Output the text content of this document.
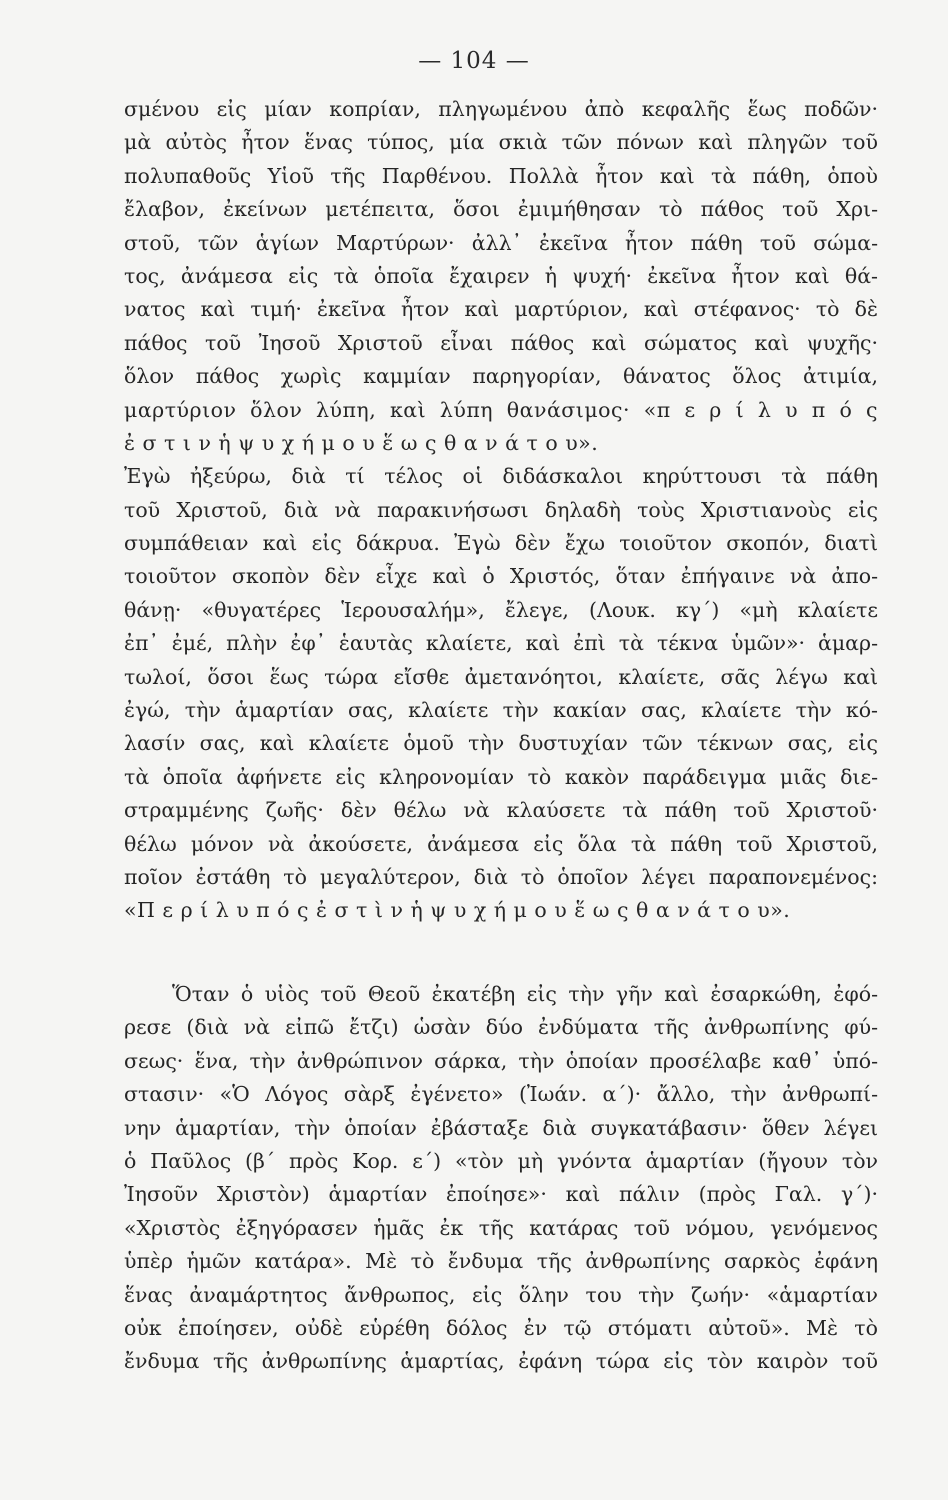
— 104 —
σμένου εἰς μίαν κοπρίαν, πληγωμένου ἀπὸ κεφαλῆς ἕως ποδῶν·
μὰ αὐτὸς ἦτον ἕνας τύπος, μία σκιὰ τῶν πόνων καὶ πληγῶν τοῦ
πολυπαθοῦς Υἱοῦ τῆς Παρθένου. Πολλὰ ἦτον καὶ τὰ πάθη, ὁποὺ
ἔλαβον, ἐκείνων μετέπειτα, ὅσοι ἐμιμήθησαν τὸ πάθος τοῦ Χρι-
στοῦ, τῶν ἁγίων Μαρτύρων· ἀλλ᾽ ἐκεῖνα ἦτον πάθη τοῦ σώμα-
τος, ἀνάμεσα εἰς τὰ ὁποῖα ἔχαιρεν ἡ ψυχή· ἐκεῖνα ἦτον καὶ θά-
νατος καὶ τιμή· ἐκεῖνα ἦτον καὶ μαρτύριον, καὶ στέφανος· τὸ δὲ
πάθος τοῦ Ἰησοῦ Χριστοῦ εἶναι πάθος καὶ σώματος καὶ ψυχῆς·
ὅλον πάθος χωρὶς καμμίαν παρηγορίαν, θάνατος ὅλος ἀτιμία,
μαρτύριον ὅλον λύπη, καὶ λύπη θανάσιμος· «π ε ρ ί λ υ π ό ς
ἐ σ τ ι ν ἡ ψ υ χ ή μ ο υ ἕ ω ς θ α ν ά τ ο υ».
Ἐγὼ ἠξεύρω, διὰ τί τέλος οἱ διδάσκαλοι κηρύττουσι τὰ πάθη
τοῦ Χριστοῦ, διὰ νὰ παρακινήσωσι δηλαδὴ τοὺς Χριστιανοὺς εἰς
συμπάθειαν καὶ εἰς δάκρυα. Ἐγὼ δὲν ἔχω τοιοῦτον σκοπόν, διατὶ
τοιοῦτον σκοπὸν δὲν εἶχε καὶ ὁ Χριστός, ὅταν ἐπήγαινε νὰ ἀπο-
θάνῃ· «θυγατέρες Ἱερουσαλήμ», ἔλεγε, (Λουκ. κγ´) «μὴ κλαίετε
ἐπ᾽ ἐμέ, πλὴν ἐφ᾽ ἑαυτὰς κλαίετε, καὶ ἐπὶ τὰ τέκνα ὑμῶν»· ἁμαρ-
τωλοί, ὅσοι ἕως τώρα εἴσθε ἀμετανόητοι, κλαίετε, σᾶς λέγω καὶ
ἐγώ, τὴν ἁμαρτίαν σας, κλαίετε τὴν κακίαν σας, κλαίετε τὴν κό-
λασίν σας, καὶ κλαίετε ὁμοῦ τὴν δυστυχίαν τῶν τέκνων σας, εἰς
τὰ ὁποῖα ἀφήνετε εἰς κληρονομίαν τὸ κακὸν παράδειγμα μιᾶς διε-
στραμμένης ζωῆς· δὲν θέλω νὰ κλαύσετε τὰ πάθη τοῦ Χριστοῦ·
θέλω μόνον νὰ ἀκούσετε, ἀνάμεσα εἰς ὅλα τὰ πάθη τοῦ Χριστοῦ,
ποῖον ἐστάθη τὸ μεγαλύτερον, διὰ τὸ ὁποῖον λέγει παραπονεμένος:
«Π ε ρ ί λ υ π ό ς ἐ σ τ ὶ ν ἡ ψ υ χ ή μ ο υ ἕ ω ς θ α ν ά τ ο υ».
Ὅταν ὁ υἱὸς τοῦ Θεοῦ ἐκατέβη εἰς τὴν γῆν καὶ ἐσαρκώθη, ἐφό-
ρεσε (διὰ νὰ εἰπῶ ἔτζι) ὡσὰν δύο ἐνδύματα τῆς ἀνθρωπίνης φύ-
σεως· ἕνα, τὴν ἀνθρώπινον σάρκα, τὴν ὁποίαν προσέλαβε καθ᾽ ὑπό-
στασιν· «Ὁ Λόγος σὰρξ ἐγένετο» (Ἰωάν. α´)· ἄλλο, τὴν ἀνθρωπί-
νην ἁμαρτίαν, τὴν ὁποίαν ἐβάσταξε διὰ συγκατάβασιν· ὅθεν λέγει
ὁ Παῦλος (β´ πρὸς Κορ. ε´) «τὸν μὴ γνόντα ἁμαρτίαν (ἤγουν τὸν
Ἰησοῦν Χριστὸν) ἁμαρτίαν ἐποίησε»· καὶ πάλιν (πρὸς Γαλ. γ´)·
«Χριστὸς ἐξηγόρασεν ἡμᾶς ἐκ τῆς κατάρας τοῦ νόμου, γενόμενος
ὑπὲρ ἡμῶν κατάρα». Μὲ τὸ ἔνδυμα τῆς ἀνθρωπίνης σαρκὸς ἐφάνη
ἕνας ἀναμάρτητος ἄνθρωπος, εἰς ὅλην του τὴν ζωήν· «ἁμαρτίαν
οὐκ ἐποίησεν, οὐδὲ εὑρέθη δόλος ἐν τῷ στόματι αὐτοῦ». Μὲ τὸ
ἔνδυμα τῆς ἀνθρωπίνης ἁμαρτίας, ἐφάνη τώρα εἰς τὸν καιρὸν τοῦ
